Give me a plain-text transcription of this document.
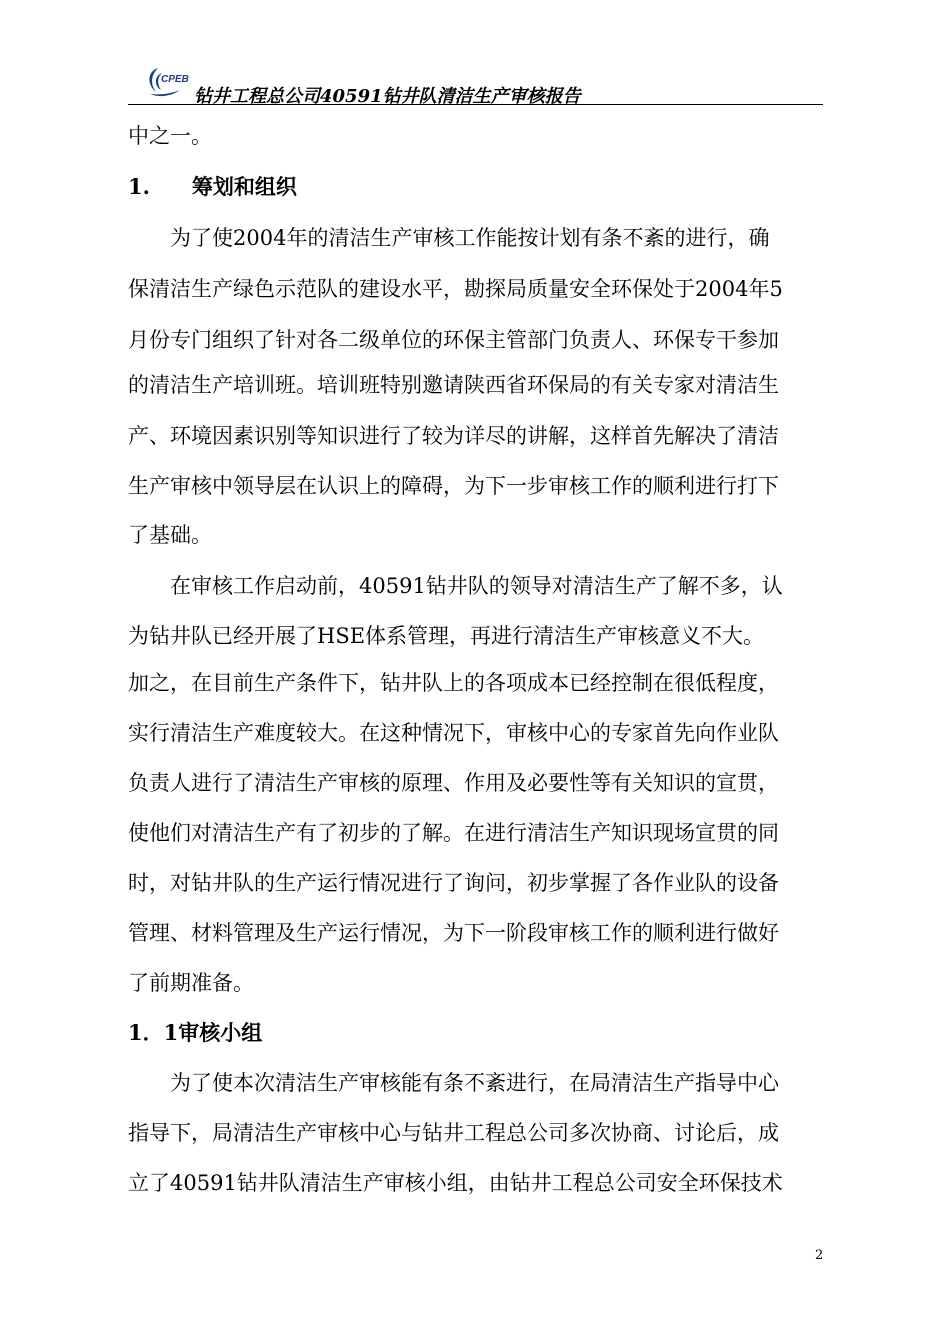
CPEB
钻井工程总公司40591钻井队清洁生产审核报告
中之一。
1.　　筹划和组织
　　为了使2004年的清洁生产审核工作能按计划有条不紊的进行，确
保清洁生产绿色示范队的建设水平，勘探局质量安全环保处于2004年5
月份专门组织了针对各二级单位的环保主管部门负责人、环保专干参加
的清洁生产培训班。培训班特别邀请陕西省环保局的有关专家对清洁生
产、环境因素识别等知识进行了较为详尽的讲解，这样首先解决了清洁
生产审核中领导层在认识上的障碍，为下一步审核工作的顺利进行打下
了基础。
　　在审核工作启动前，40591钻井队的领导对清洁生产了解不多，认
为钻井队已经开展了HSE体系管理，再进行清洁生产审核意义不大。
加之，在目前生产条件下，钻井队上的各项成本已经控制在很低程度，
实行清洁生产难度较大。在这种情况下，审核中心的专家首先向作业队
负责人进行了清洁生产审核的原理、作用及必要性等有关知识的宣贯，
使他们对清洁生产有了初步的了解。在进行清洁生产知识现场宣贯的同
时，对钻井队的生产运行情况进行了询问，初步掌握了各作业队的设备
管理、材料管理及生产运行情况，为下一阶段审核工作的顺利进行做好
了前期准备。
1．1审核小组
　　为了使本次清洁生产审核能有条不紊进行，在局清洁生产指导中心
指导下，局清洁生产审核中心与钻井工程总公司多次协商、讨论后，成
立了40591钻井队清洁生产审核小组，由钻井工程总公司安全环保技术
2
